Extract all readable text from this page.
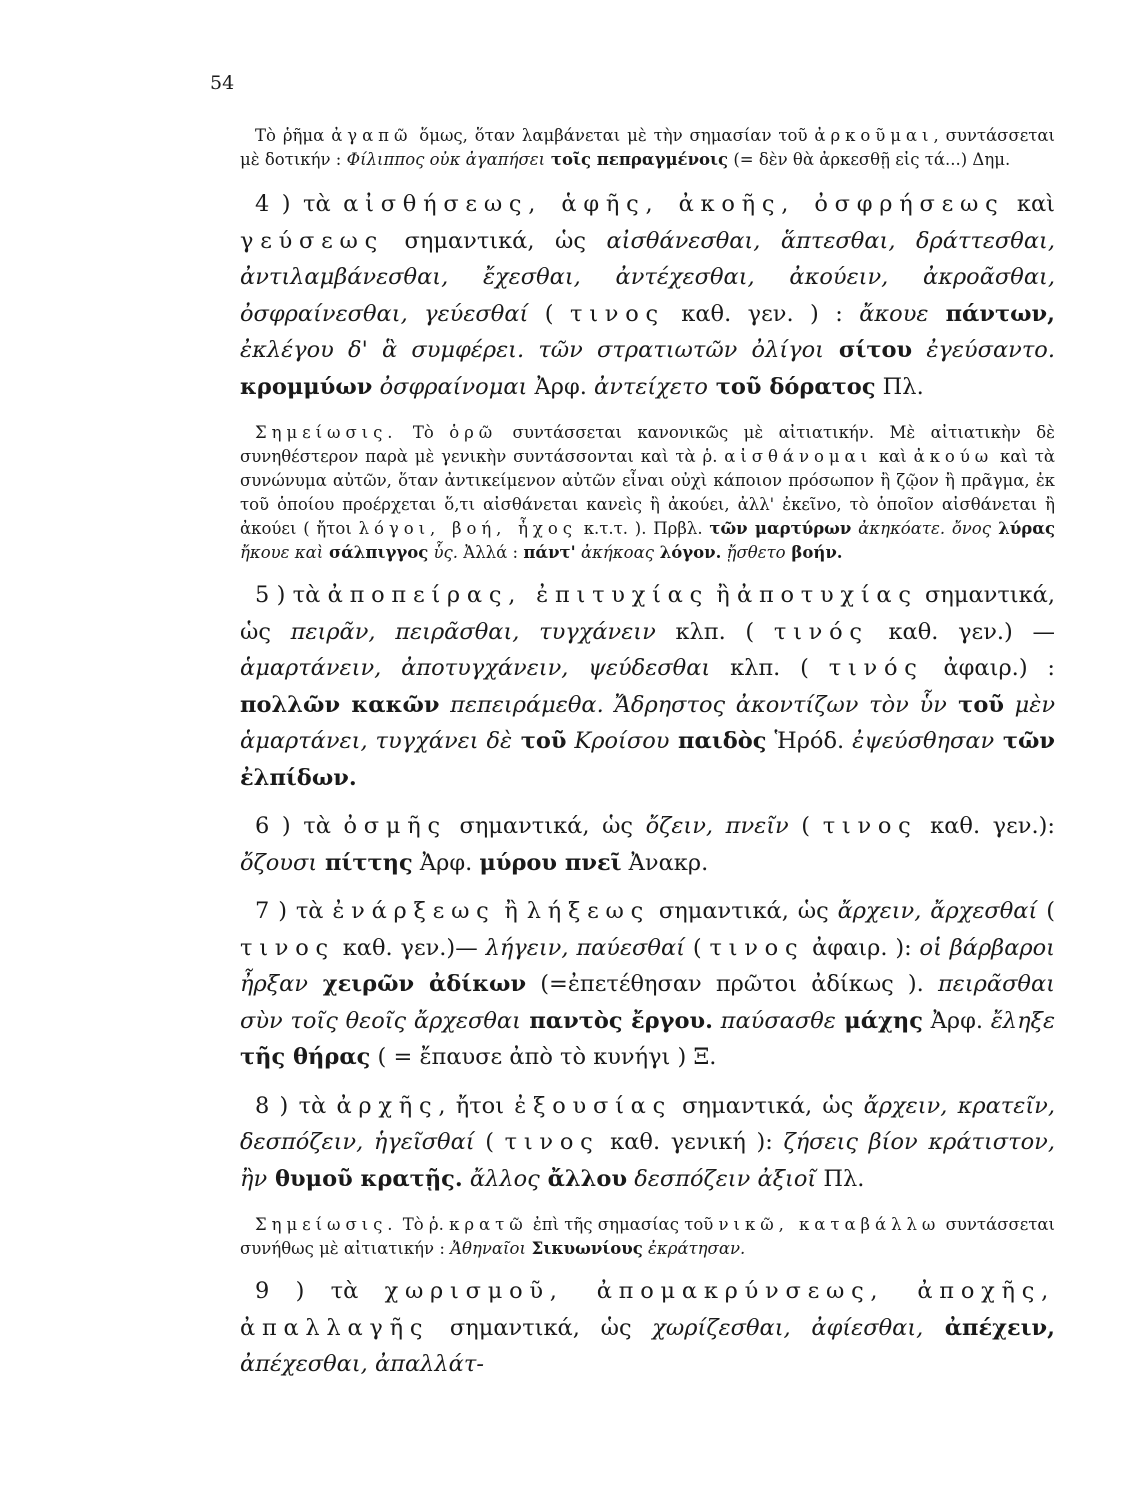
54

Τὸ ῥῆμα ἀγαπῶ ὅμως, ὅταν λαμβάνεται μὲ τὴν σημασίαν τοῦ ἀρκοῦμαι, συντάσσεται μὲ δοτικήν : Φίλιππος οὐκ ἀγαπήσει τοῖς πεπραγμένοις (= δὲν θὰ ἀρκεσθῇ εἰς τά...) Δημ.

4 ) τὰ αἰσθήσεως, ἁφῆς, ἀκοῆς, ὀσφρήσεως καὶ γεύσεως σημαντικά, ὡς αἰσθάνεσθαι, ἅπτεσθαι, δράττεσθαι, ἀντιλαμβάνεσθαι, ἔχεσθαι, ἀντέχεσθαι, ἀκούειν, ἀκροᾶσθαι, ὀσφραίνεσθαι, γεύεσθαί ( τινος καθ. γεν. ) : ἄκουε πάντων, ἐκλέγου δ' ἃ συμφέρει. τῶν στρατιωτῶν ὀλίγοι σίτου ἐγεύσαντο. κρομμύων ὀσφραίνομαι Ἀρφ. ἀντείχετο τοῦ δόρατος Πλ.

Σημείωσις. Τὸ ὁρῶ συντάσσεται κανονικῶς μὲ αἰτιατικήν. Μὲ αἰτιατικὴν δὲ συνηθέστερον παρὰ μὲ γενικὴν συντάσσονται καὶ τὰ ῥ. αἰσθάνομαι καὶ ἀκούω καὶ τὰ συνώνυμα αὐτῶν, ὅταν ἀντικείμενον αὐτῶν εἶναι οὐχὶ κάποιον πρόσωπον ἢ ζῷον ἢ πρᾶγμα, ἐκ τοῦ ὁποίου προέρχεται ὅ,τι αἰσθάνεται κανεὶς ἢ ἀκούει, ἀλλ' ἐκεῖνο, τὸ ὁποῖον αἰσθάνεται ἢ ἀκούει ( ἤτοι λόγοι, βοή, ἦχος κ.τ.τ. ). Πρβλ. τῶν μαρτύρων ἀκηκόατε. ὄνος λύρας ἤκουε καὶ σάλπιγγος ὗς. Ἀλλά : πάντ' ἀκήκοας λόγον. ᾔσθετο βοήν.

5 ) τὰ ἀποπείρας, ἐπιτυχίας ἢ ἀποτυχίας σημαντικά, ὡς πειρᾶν, πειρᾶσθαι, τυγχάνειν κλπ. ( τινός καθ. γεν.) — ἁμαρτάνειν, ἀποτυγχάνειν, ψεύδεσθαι κλπ. ( τινός ἀφαιρ.) : πολλῶν κακῶν πεπειράμεθα. Ἄδρηστος ἀκοντίζων τὸν ὗν τοῦ μὲν ἁμαρτάνει, τυγχάνει δὲ τοῦ Κροίσου παιδὸς Ἡρόδ. ἐψεύσθησαν τῶν ἐλπίδων.

6 ) τὰ ὀσμῆς σημαντικά, ὡς ὄζειν, πνεῖν ( τινος καθ. γεν.): ὄζουσι πίττης Ἀρφ. μύρου πνεῖ Ἀνακρ.

7 ) τὰ ἐνάρξεως ἢ λήξεως σημαντικά, ὡς ἄρχειν, ἄρχεσθαί ( τινος καθ. γεν.)— λήγειν, παύεσθαί ( τινος ἀφαιρ. ): οἱ βάρβαροι ἦρξαν χειρῶν ἀδίκων (=ἐπετέθησαν πρῶτοι ἀδίκως ). πειρᾶσθαι σὺν τοῖς θεοῖς ἄρχεσθαι παντὸς ἔργου. παύσασθε μάχης Ἀρφ. ἔληξε τῆς θήρας ( = ἔπαυσε ἀπὸ τὸ κυνήγι ) Ξ.

8 ) τὰ ἀρχῆς, ἤτοι ἐξουσίας σημαντικά, ὡς ἄρχειν, κρατεῖν, δεσπόζειν, ἡγεῖσθαί ( τινος καθ. γενική ): ζήσεις βίον κράτιστον, ἢν θυμοῦ κρατῇς. ἄλλος ἄλλου δεσπόζειν ἀξιοῖ Πλ.

Σημείωσις. Τὸ ῥ. κρατῶ ἐπὶ τῆς σημασίας τοῦ νικῶ, καταβάλλω συντάσσεται συνήθως μὲ αἰτιατικήν : Ἀθηναῖοι Σικυωνίους ἐκράτησαν.

9 ) τὰ χωρισμοῦ, ἀπομακρύνσεως, ἀποχῆς, ἀπαλλαγῆς σημαντικά, ὡς χωρίζεσθαι, ἀφίεσθαι, ἀπέχειν, ἀπέχεσθαι, ἀπαλλάτ-
